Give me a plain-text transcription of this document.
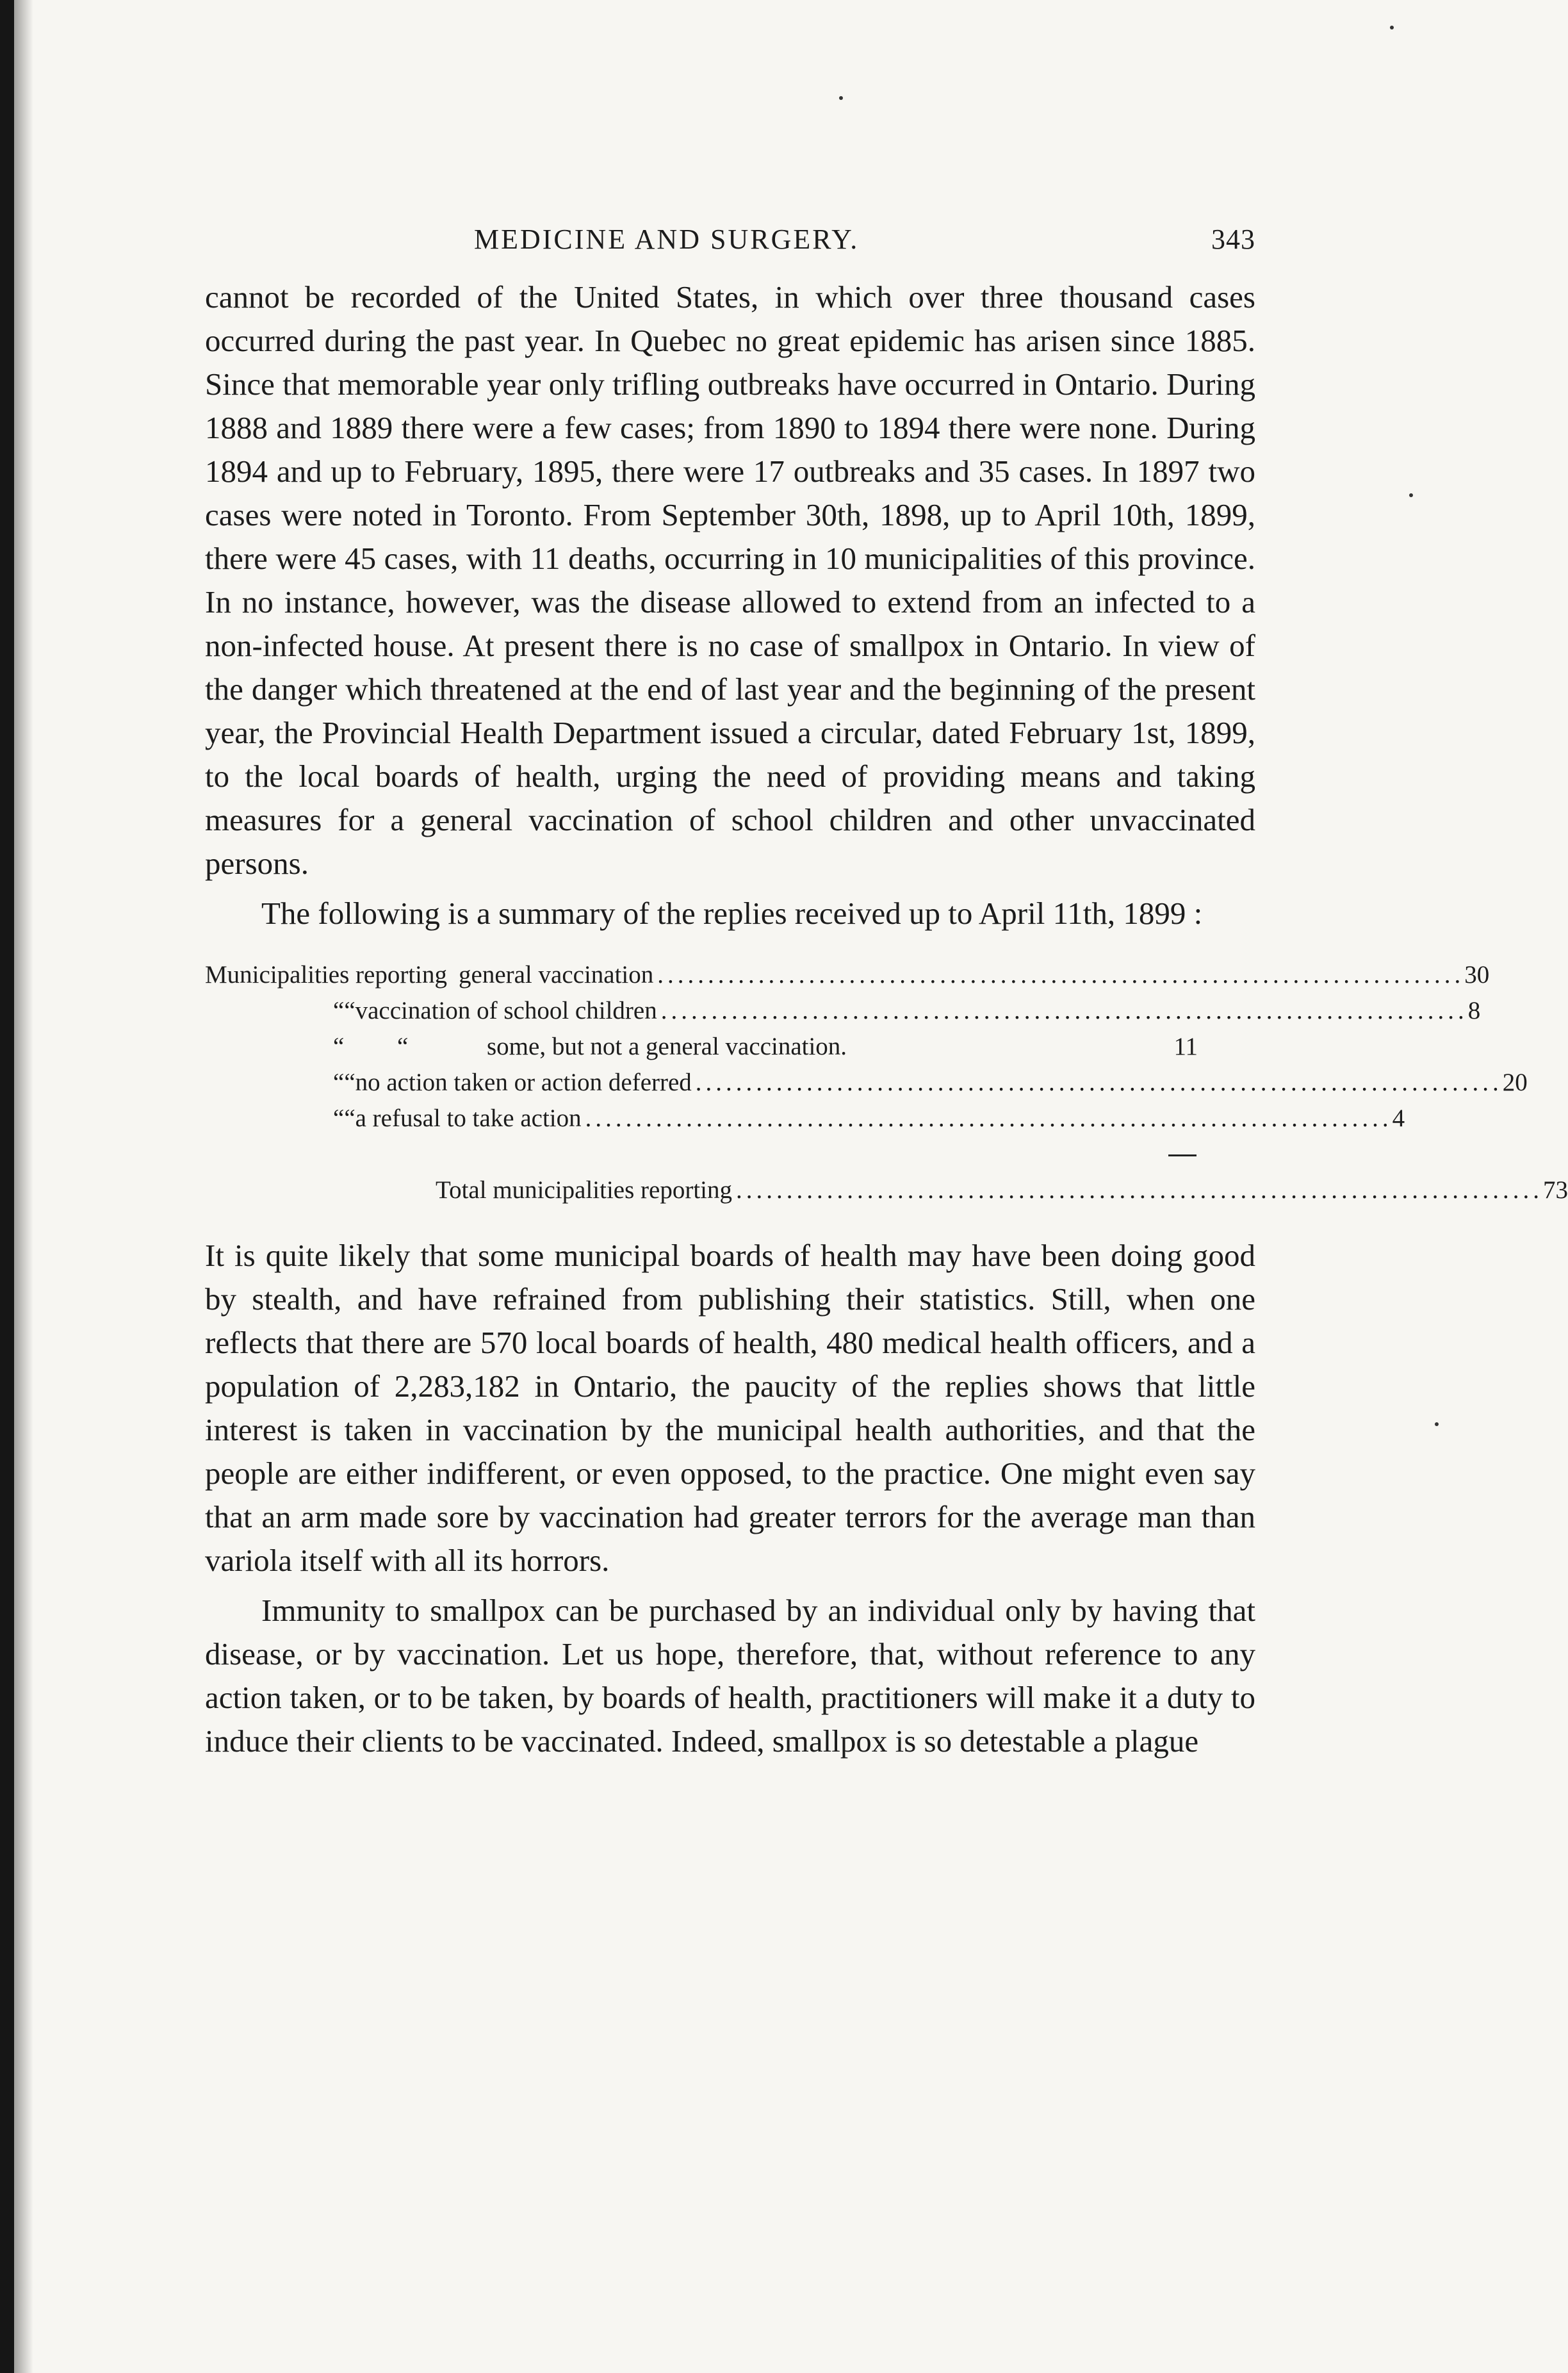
MEDICINE AND SURGERY.	343

cannot be recorded of the United States, in which over three thousand cases occurred during the past year. In Quebec no great epidemic has arisen since 1885. Since that memorable year only trifling outbreaks have occurred in Ontario. During 1888 and 1889 there were a few cases; from 1890 to 1894 there were none. During 1894 and up to February, 1895, there were 17 outbreaks and 35 cases. In 1897 two cases were noted in Toronto. From September 30th, 1898, up to April 10th, 1899, there were 45 cases, with 11 deaths, occurring in 10 municipalities of this province. In no instance, however, was the disease allowed to extend from an infected to a non-infected house. At present there is no case of smallpox in Ontario. In view of the danger which threatened at the end of last year and the beginning of the present year, the Provincial Health Department issued a circular, dated February 1st, 1899, to the local boards of health, urging the need of providing means and taking measures for a general vaccination of school children and other unvaccinated persons.

The following is a summary of the replies received up to April 11th, 1899 :

Municipalities reporting general vaccination ................................................................................ 30
“ “ vaccination of school children ................................................................................ 8
“	“	some, but not a general vaccination.	11
“ “ no action taken or action deferred ................................................................................ 20
“ “ a refusal to take action ................................................................................ 4
Total municipalities reporting ................................................................................ 73

It is quite likely that some municipal boards of health may have been doing good by stealth, and have refrained from publishing their statistics. Still, when one reflects that there are 570 local boards of health, 480 medical health officers, and a population of 2,283,182 in Ontario, the paucity of the replies shows that little interest is taken in vaccination by the municipal health authorities, and that the people are either indifferent, or even opposed, to the practice. One might even say that an arm made sore by vaccination had greater terrors for the average man than variola itself with all its horrors.

Immunity to smallpox can be purchased by an individual only by having that disease, or by vaccination. Let us hope, therefore, that, without reference to any action taken, or to be taken, by boards of health, practitioners will make it a duty to induce their clients to be vaccinated. Indeed, smallpox is so detestable a plague
